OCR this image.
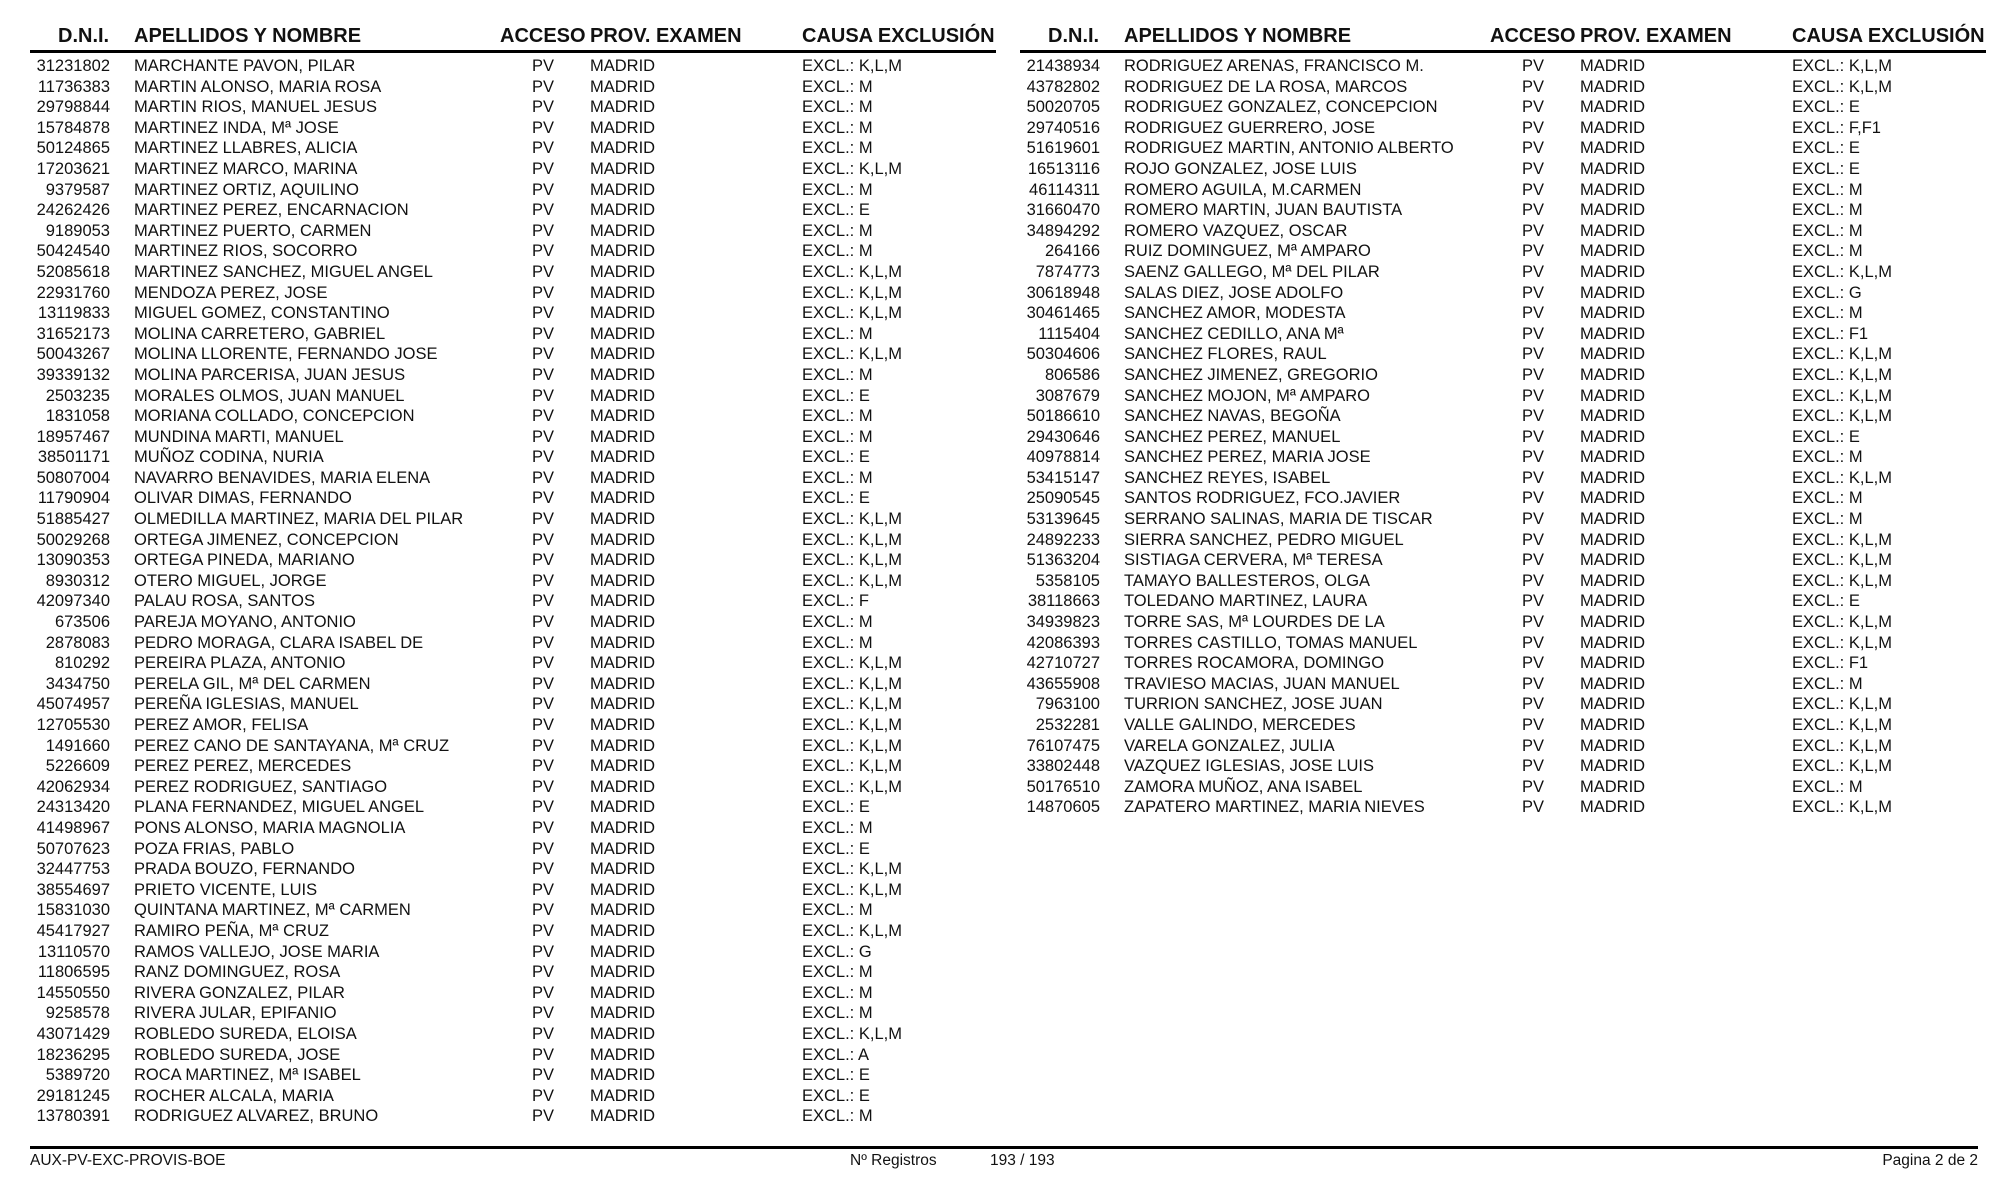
D.N.I. APELLIDOS Y NOMBRE	ACCESO PROV. EXAMEN	CAUSA EXCLUSIÓN
31231802 MARCHANTE PAVON, PILAR	PV MADRID	EXCL.: K,L,M
11736383 MARTIN ALONSO, MARIA ROSA	PV MADRID	EXCL.: M
29798844 MARTIN RIOS, MANUEL JESUS	PV MADRID	EXCL.: M
15784878 MARTINEZ INDA, Mª JOSE	PV MADRID	EXCL.: M
50124865 MARTINEZ LLABRES, ALICIA	PV MADRID	EXCL.: M
17203621 MARTINEZ MARCO, MARINA	PV MADRID	EXCL.: K,L,M
9379587 MARTINEZ ORTIZ, AQUILINO	PV MADRID	EXCL.: M
24262426 MARTINEZ PEREZ, ENCARNACION	PV MADRID	EXCL.: E
9189053 MARTINEZ PUERTO, CARMEN	PV MADRID	EXCL.: M
50424540 MARTINEZ RIOS, SOCORRO	PV MADRID	EXCL.: M
52085618 MARTINEZ SANCHEZ, MIGUEL ANGEL	PV MADRID	EXCL.: K,L,M
22931760 MENDOZA PEREZ, JOSE	PV MADRID	EXCL.: K,L,M
13119833 MIGUEL GOMEZ, CONSTANTINO	PV MADRID	EXCL.: K,L,M
31652173 MOLINA CARRETERO, GABRIEL	PV MADRID	EXCL.: M
50043267 MOLINA LLORENTE, FERNANDO JOSE	PV MADRID	EXCL.: K,L,M
39339132 MOLINA PARCERISA, JUAN JESUS	PV MADRID	EXCL.: M
2503235 MORALES OLMOS, JUAN MANUEL	PV MADRID	EXCL.: E
1831058 MORIANA COLLADO, CONCEPCION	PV MADRID	EXCL.: M
18957467 MUNDINA MARTI, MANUEL	PV MADRID	EXCL.: M
38501171 MUÑOZ CODINA, NURIA	PV MADRID	EXCL.: E
50807004 NAVARRO BENAVIDES, MARIA ELENA	PV MADRID	EXCL.: M
11790904 OLIVAR DIMAS, FERNANDO	PV MADRID	EXCL.: E
51885427 OLMEDILLA MARTINEZ, MARIA DEL PILAR	PV MADRID	EXCL.: K,L,M
50029268 ORTEGA JIMENEZ, CONCEPCION	PV MADRID	EXCL.: K,L,M
13090353 ORTEGA PINEDA, MARIANO	PV MADRID	EXCL.: K,L,M
8930312 OTERO MIGUEL, JORGE	PV MADRID	EXCL.: K,L,M
42097340 PALAU ROSA, SANTOS	PV MADRID	EXCL.: F
673506 PAREJA MOYANO, ANTONIO	PV MADRID	EXCL.: M
2878083 PEDRO MORAGA, CLARA ISABEL DE	PV MADRID	EXCL.: M
810292 PEREIRA PLAZA, ANTONIO	PV MADRID	EXCL.: K,L,M
3434750 PERELA GIL, Mª DEL CARMEN	PV MADRID	EXCL.: K,L,M
45074957 PEREÑA IGLESIAS, MANUEL	PV MADRID	EXCL.: K,L,M
12705530 PEREZ AMOR, FELISA	PV MADRID	EXCL.: K,L,M
1491660 PEREZ CANO DE SANTAYANA, Mª CRUZ	PV MADRID	EXCL.: K,L,M
5226609 PEREZ PEREZ, MERCEDES	PV MADRID	EXCL.: K,L,M
42062934 PEREZ RODRIGUEZ, SANTIAGO	PV MADRID	EXCL.: K,L,M
24313420 PLANA FERNANDEZ, MIGUEL ANGEL	PV MADRID	EXCL.: E
41498967 PONS ALONSO, MARIA MAGNOLIA	PV MADRID	EXCL.: M
50707623 POZA FRIAS, PABLO	PV MADRID	EXCL.: E
32447753 PRADA BOUZO, FERNANDO	PV MADRID	EXCL.: K,L,M
38554697 PRIETO VICENTE, LUIS	PV MADRID	EXCL.: K,L,M
15831030 QUINTANA MARTINEZ, Mª CARMEN	PV MADRID	EXCL.: M
45417927 RAMIRO PEÑA, Mª CRUZ	PV MADRID	EXCL.: K,L,M
13110570 RAMOS VALLEJO, JOSE MARIA	PV MADRID	EXCL.: G
11806595 RANZ DOMINGUEZ, ROSA	PV MADRID	EXCL.: M
14550550 RIVERA GONZALEZ, PILAR	PV MADRID	EXCL.: M
9258578 RIVERA JULAR, EPIFANIO	PV MADRID	EXCL.: M
43071429 ROBLEDO SUREDA, ELOISA	PV MADRID	EXCL.: K,L,M
18236295 ROBLEDO SUREDA, JOSE	PV MADRID	EXCL.: A
5389720 ROCA MARTINEZ, Mª ISABEL	PV MADRID	EXCL.: E
29181245 ROCHER ALCALA, MARIA	PV MADRID	EXCL.: E
13780391 RODRIGUEZ ALVAREZ, BRUNO	PV MADRID	EXCL.: M
D.N.I. APELLIDOS Y NOMBRE	ACCESO PROV. EXAMEN	CAUSA EXCLUSIÓN
21438934 RODRIGUEZ ARENAS, FRANCISCO M.	PV MADRID	EXCL.: K,L,M
43782802 RODRIGUEZ DE LA ROSA, MARCOS	PV MADRID	EXCL.: K,L,M
50020705 RODRIGUEZ GONZALEZ, CONCEPCION	PV MADRID	EXCL.: E
29740516 RODRIGUEZ GUERRERO, JOSE	PV MADRID	EXCL.: F,F1
51619601 RODRIGUEZ MARTIN, ANTONIO ALBERTO	PV MADRID	EXCL.: E
16513116 ROJO GONZALEZ, JOSE LUIS	PV MADRID	EXCL.: E
46114311 ROMERO AGUILA, M.CARMEN	PV MADRID	EXCL.: M
31660470 ROMERO MARTIN, JUAN BAUTISTA	PV MADRID	EXCL.: M
34894292 ROMERO VAZQUEZ, OSCAR	PV MADRID	EXCL.: M
264166 RUIZ DOMINGUEZ, Mª AMPARO	PV MADRID	EXCL.: M
7874773 SAENZ GALLEGO, Mª DEL PILAR	PV MADRID	EXCL.: K,L,M
30618948 SALAS DIEZ, JOSE ADOLFO	PV MADRID	EXCL.: G
30461465 SANCHEZ AMOR, MODESTA	PV MADRID	EXCL.: M
1115404 SANCHEZ CEDILLO, ANA Mª	PV MADRID	EXCL.: F1
50304606 SANCHEZ FLORES, RAUL	PV MADRID	EXCL.: K,L,M
806586 SANCHEZ JIMENEZ, GREGORIO	PV MADRID	EXCL.: K,L,M
3087679 SANCHEZ MOJON, Mª AMPARO	PV MADRID	EXCL.: K,L,M
50186610 SANCHEZ NAVAS, BEGOÑA	PV MADRID	EXCL.: K,L,M
29430646 SANCHEZ PEREZ, MANUEL	PV MADRID	EXCL.: E
40978814 SANCHEZ PEREZ, MARIA JOSE	PV MADRID	EXCL.: M
53415147 SANCHEZ REYES, ISABEL	PV MADRID	EXCL.: K,L,M
25090545 SANTOS RODRIGUEZ, FCO.JAVIER	PV MADRID	EXCL.: M
53139645 SERRANO SALINAS, MARIA DE TISCAR	PV MADRID	EXCL.: M
24892233 SIERRA SANCHEZ, PEDRO MIGUEL	PV MADRID	EXCL.: K,L,M
51363204 SISTIAGA CERVERA, Mª TERESA	PV MADRID	EXCL.: K,L,M
5358105 TAMAYO BALLESTEROS, OLGA	PV MADRID	EXCL.: K,L,M
38118663 TOLEDANO MARTINEZ, LAURA	PV MADRID	EXCL.: E
34939823 TORRE SAS, Mª LOURDES DE LA	PV MADRID	EXCL.: K,L,M
42086393 TORRES CASTILLO, TOMAS MANUEL	PV MADRID	EXCL.: K,L,M
42710727 TORRES ROCAMORA, DOMINGO	PV MADRID	EXCL.: F1
43655908 TRAVIESO MACIAS, JUAN MANUEL	PV MADRID	EXCL.: M
7963100 TURRION SANCHEZ, JOSE JUAN	PV MADRID	EXCL.: K,L,M
2532281 VALLE GALINDO, MERCEDES	PV MADRID	EXCL.: K,L,M
76107475 VARELA GONZALEZ, JULIA	PV MADRID	EXCL.: K,L,M
33802448 VAZQUEZ IGLESIAS, JOSE LUIS	PV MADRID	EXCL.: K,L,M
50176510 ZAMORA MUÑOZ, ANA ISABEL	PV MADRID	EXCL.: M
14870605 ZAPATERO MARTINEZ, MARIA NIEVES	PV MADRID	EXCL.: K,L,M
AUX-PV-EXC-PROVIS-BOE	Nº Registros	193 / 193	Pagina 2 de 2
